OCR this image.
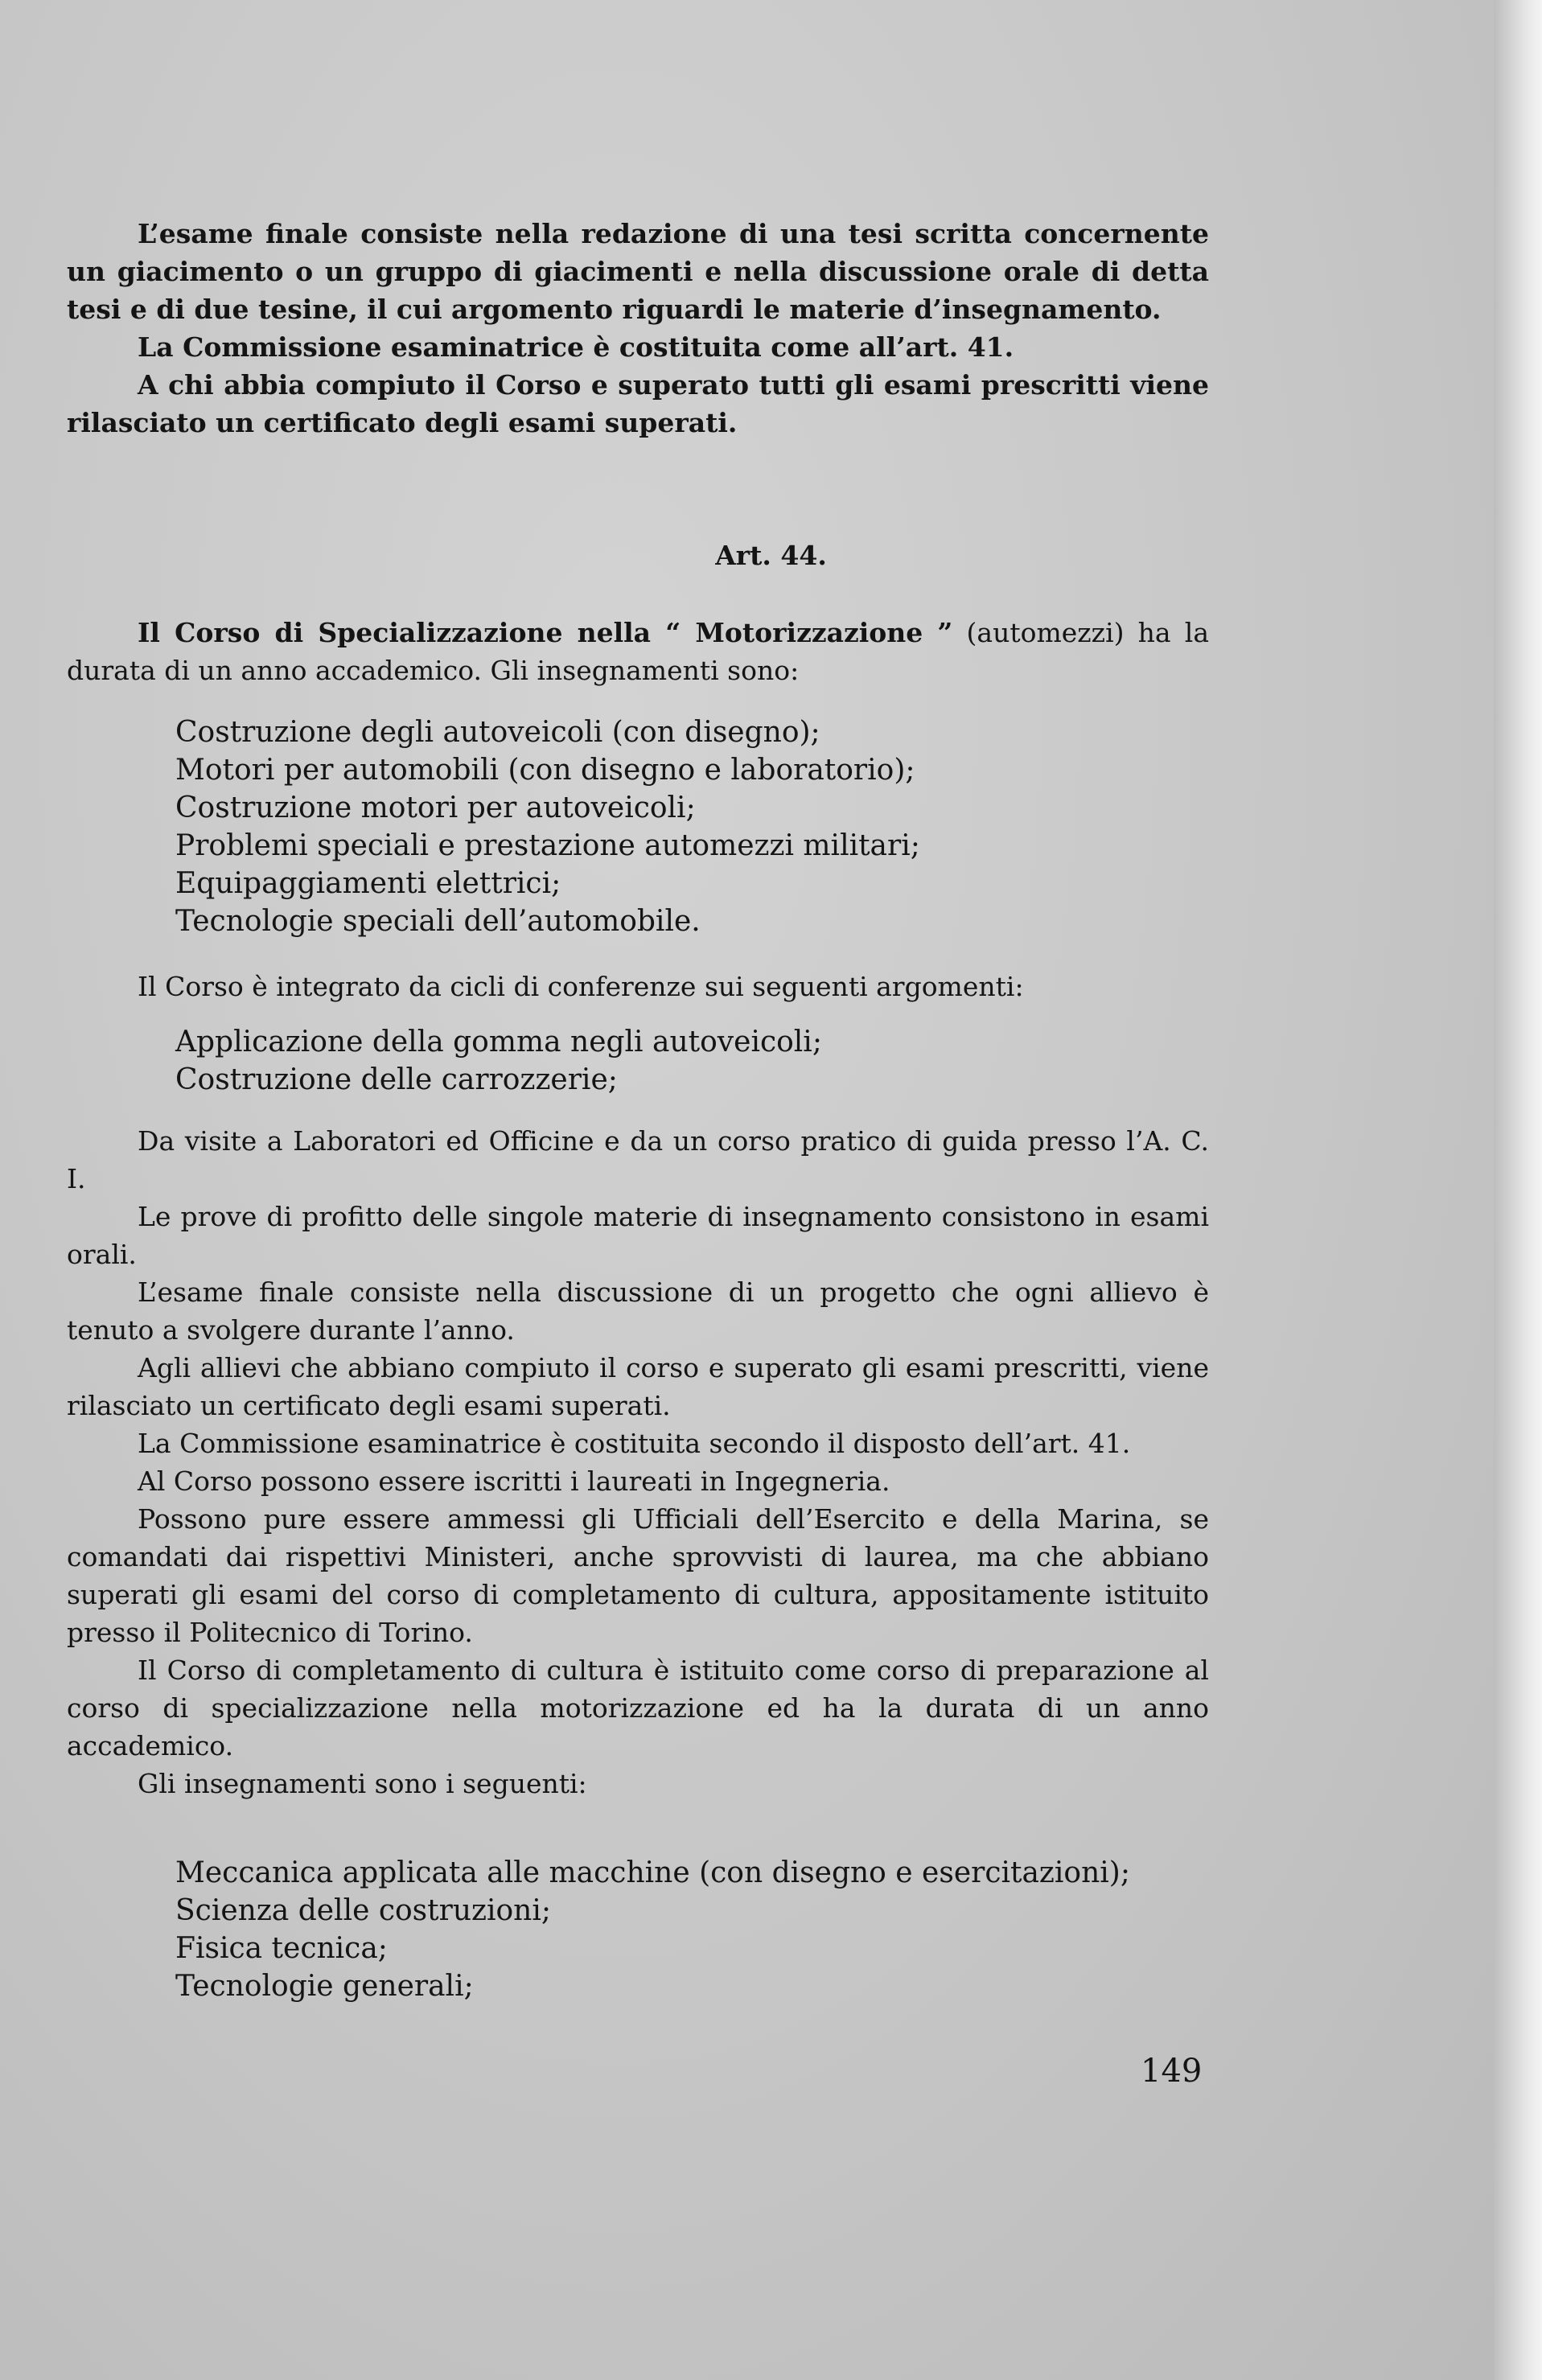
L’esame finale consiste nella redazione di una tesi scritta concernente un giacimento o un gruppo di giacimenti e nella discussione orale di detta tesi e di due tesine, il cui argomento riguardi le materie d’insegnamento.

La Commissione esaminatrice è costituita come all’art. 41.

A chi abbia compiuto il Corso e superato tutti gli esami prescritti viene rilasciato un certificato degli esami superati.

Art. 44.

Il Corso di Specializzazione nella “ Motorizzazione ” (automezzi) ha la durata di un anno accademico. Gli insegnamenti sono:

Costruzione degli autoveicoli (con disegno);
Motori per automobili (con disegno e laboratorio);
Costruzione motori per autoveicoli;
Problemi speciali e prestazione automezzi militari;
Equipaggiamenti elettrici;
Tecnologie speciali dell’automobile.

Il Corso è integrato da cicli di conferenze sui seguenti argomenti:

Applicazione della gomma negli autoveicoli;
Costruzione delle carrozzerie;

Da visite a Laboratori ed Officine e da un corso pratico di guida presso l’A. C. I.

Le prove di profitto delle singole materie di insegnamento consistono in esami orali.

L’esame finale consiste nella discussione di un progetto che ogni allievo è tenuto a svolgere durante l’anno.

Agli allievi che abbiano compiuto il corso e superato gli esami prescritti, viene rilasciato un certificato degli esami superati.

La Commissione esaminatrice è costituita secondo il disposto dell’art. 41.

Al Corso possono essere iscritti i laureati in Ingegneria.

Possono pure essere ammessi gli Ufficiali dell’Esercito e della Marina, se comandati dai rispettivi Ministeri, anche sprovvisti di laurea, ma che abbiano superati gli esami del corso di completamento di cultura, appositamente istituito presso il Politecnico di Torino.

Il Corso di completamento di cultura è istituito come corso di preparazione al corso di specializzazione nella motorizzazione ed ha la durata di un anno accademico.

Gli insegnamenti sono i seguenti:

Meccanica applicata alle macchine (con disegno e esercitazioni);
Scienza delle costruzioni;
Fisica tecnica;
Tecnologie generali;
149
